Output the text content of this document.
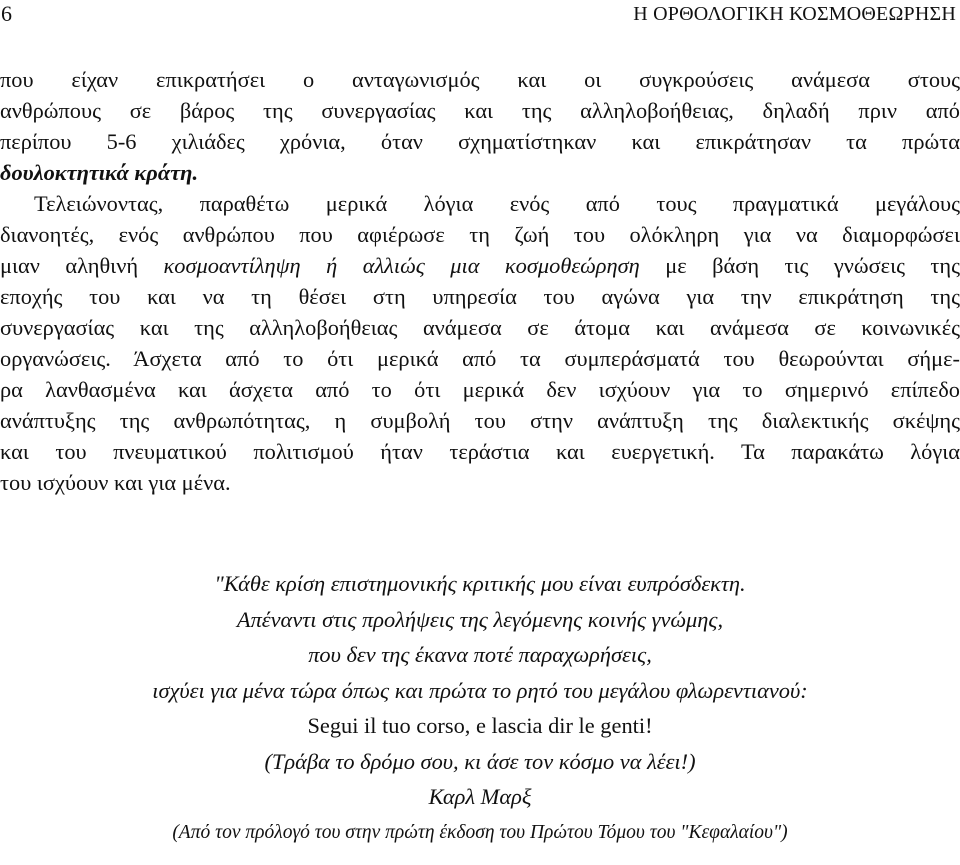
6	Η ΟΡΘΟΛΟΓΙΚΗ ΚΟΣΜΟΘΕΩΡΗΣΗ

που είχαν επικρατήσει ο ανταγωνισμός και οι συγκρούσεις ανάμεσα στους
ανθρώπους σε βάρος της συνεργασίας και της αλληλοβοήθειας, δηλαδή πριν από
περίπου 5-6 χιλιάδες χρόνια, όταν σχηματίστηκαν και επικράτησαν τα πρώτα
δουλοκτητικά κράτη.

Τελειώνοντας, παραθέτω μερικά λόγια ενός από τους πραγματικά μεγάλους
διανοητές, ενός ανθρώπου που αφιέρωσε τη ζωή του ολόκληρη για να διαμορφώσει
μιαν αληθινή κοσμοαντίληψη ή αλλιώς μια κοσμοθεώρηση με βάση τις γνώσεις της
εποχής του και να τη θέσει στη υπηρεσία του αγώνα για την επικράτηση της
συνεργασίας και της αλληλοβοήθειας ανάμεσα σε άτομα και ανάμεσα σε κοινωνικές
οργανώσεις. Άσχετα από το ότι μερικά από τα συμπεράσματά του θεωρούνται σήμε-
ρα λανθασμένα και άσχετα από το ότι μερικά δεν ισχύουν για το σημερινό επίπεδο
ανάπτυξης της ανθρωπότητας, η συμβολή του στην ανάπτυξη της διαλεκτικής σκέψης
και του πνευματικού πολιτισμού ήταν τεράστια και ευεργετική. Τα παρακάτω λόγια
του ισχύουν και για μένα.

"Κάθε κρίση επιστημονικής κριτικής μου είναι ευπρόσδεκτη.
Απέναντι στις προλήψεις της λεγόμενης κοινής γνώμης,
που δεν της έκανα ποτέ παραχωρήσεις,
ισχύει για μένα τώρα όπως και πρώτα το ρητό του μεγάλου φλωρεντιανού:
Segui il tuo corso, e lascia dir le genti!
(Τράβα το δρόμο σου, κι άσε τον κόσμο να λέει!)
Καρλ Μαρξ
(Από τον πρόλογό του στην πρώτη έκδοση του Πρώτου Τόμου του "Κεφαλαίου")
